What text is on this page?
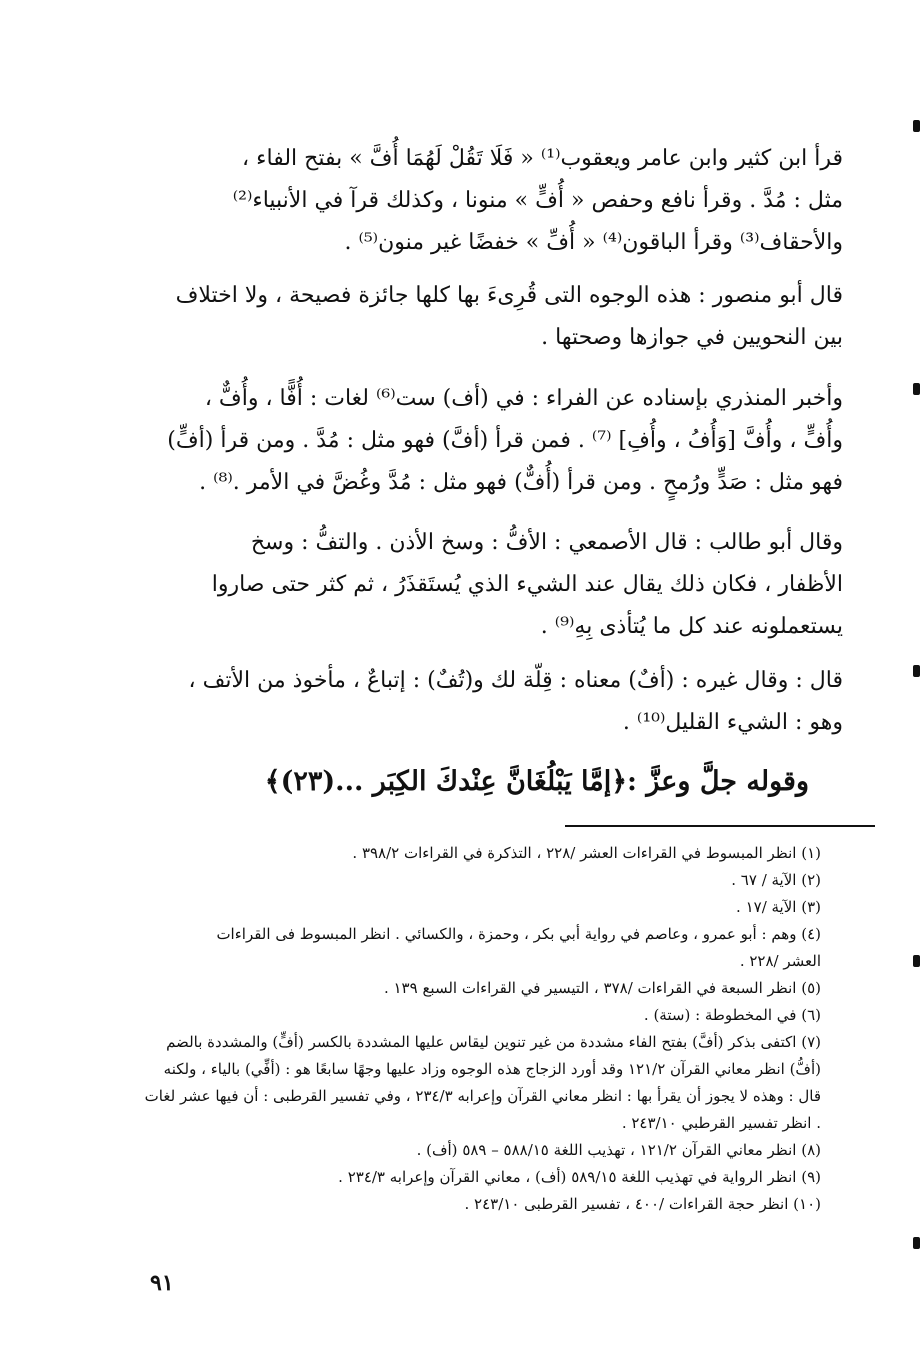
قرأ ابن كثير وابن عامر ويعقوب⁽¹⁾ « فَلَا تَقُلْ لَهُمَا أُفَّ » بفتح الفاء ،
مثل : مُدَّ . وقرأ نافع وحفص « أُفٍّ » منونا ، وكذلك قرآ في الأنبياء⁽²⁾
والأحقاف⁽³⁾ وقرأ الباقون⁽⁴⁾ « أُفِّ » خفضًا غير منون⁽⁵⁾ .
قال أبو منصور : هذه الوجوه التى قُرِىءَ بها كلها جائزة فصيحة ، ولا اختلاف
بين النحويين في جوازها وصحتها .
وأخبر المنذري بإسناده عن الفراء : في (أف) ست⁽⁶⁾ لغات : أُفًّا ، وأُفٌّ ،
وأُفٍّ ، وأُفَّ [وَأُفُ ، وأُفِ] ⁽⁷⁾ . فمن قرأ (أفَّ) فهو مثل : مُدَّ . ومن قرأ (أفٍّ)
فهو مثل : صَدٍّ ورُمحٍ . ومن قرأ (أُفٌّ) فهو مثل : مُدَّ وغُضَّ في الأمر .⁽⁸⁾ .
وقال أبو طالب : قال الأصمعي : الأفُّ : وسخ الأذن . والتفُّ : وسخ
الأظفار ، فكان ذلك يقال عند الشيء الذي يُستَقذَرُ ، ثم كثر حتى صاروا
يستعملونه عند كل ما يُتأذى بِهِ⁽⁹⁾ .
قال : وقال غيره : (أفٌ) معناه : قِلّة لك و(تُفٌ) : إتباعٌ ، مأخوذ من الأتف ،
وهو : الشيء القليل⁽¹⁰⁾ .
وقوله جلَّ وعزَّ :﴿إمَّا يَبْلُغَانَّ عِنْدكَ الكِبَر ...(٢٣)﴾
(١) انظر المبسوط في القراءات العشر /٢٢٨ ، التذكرة في القراءات ٣٩٨/٢ .
(٢) الآية / ٦٧ .
(٣) الآية /١٧ .
(٤) وهم : أبو عمرو ، وعاصم في رواية أبي بكر ، وحمزة ، والكسائي . انظر المبسوط فى القراءات
العشر /٢٢٨ .
(٥) انظر السبعة في القراءات /٣٧٨ ، التيسير في القراءات السبع ١٣٩ .
(٦) في المخطوطة : (ستة) .
(٧) اكتفى بذكر (أفَّ) بفتح الفاء مشددة من غير تنوين ليقاس عليها المشددة بالكسر (أفٍّ) والمشددة بالضم (أفُّ) انظر معاني القرآن ١٢١/٢ وقد أورد الزجاج هذه الوجوه وزاد عليها وجهًا سابعًا هو : (أفِّي) بالياء ، ولكنه قال : وهذه لا يجوز أن يقرأ بها : انظر معاني القرآن وإعرابه ٢٣٤/٣ ، وفي تفسير القرطبى : أن فيها عشر لغات . انظر تفسير القرطبي ٢٤٣/١٠ .
(٨) انظر معاني القرآن ١٢١/٢ ، تهذيب اللغة ٥٨٨/١٥ – ٥٨٩ (أف) .
(٩) انظر الرواية في تهذيب اللغة ٥٨٩/١٥ (أف) ، معاني القرآن وإعرابه ٢٣٤/٣ .
(١٠) انظر حجة القراءات /٤٠٠ ، تفسير القرطبى ٢٤٣/١٠ .
٩١
